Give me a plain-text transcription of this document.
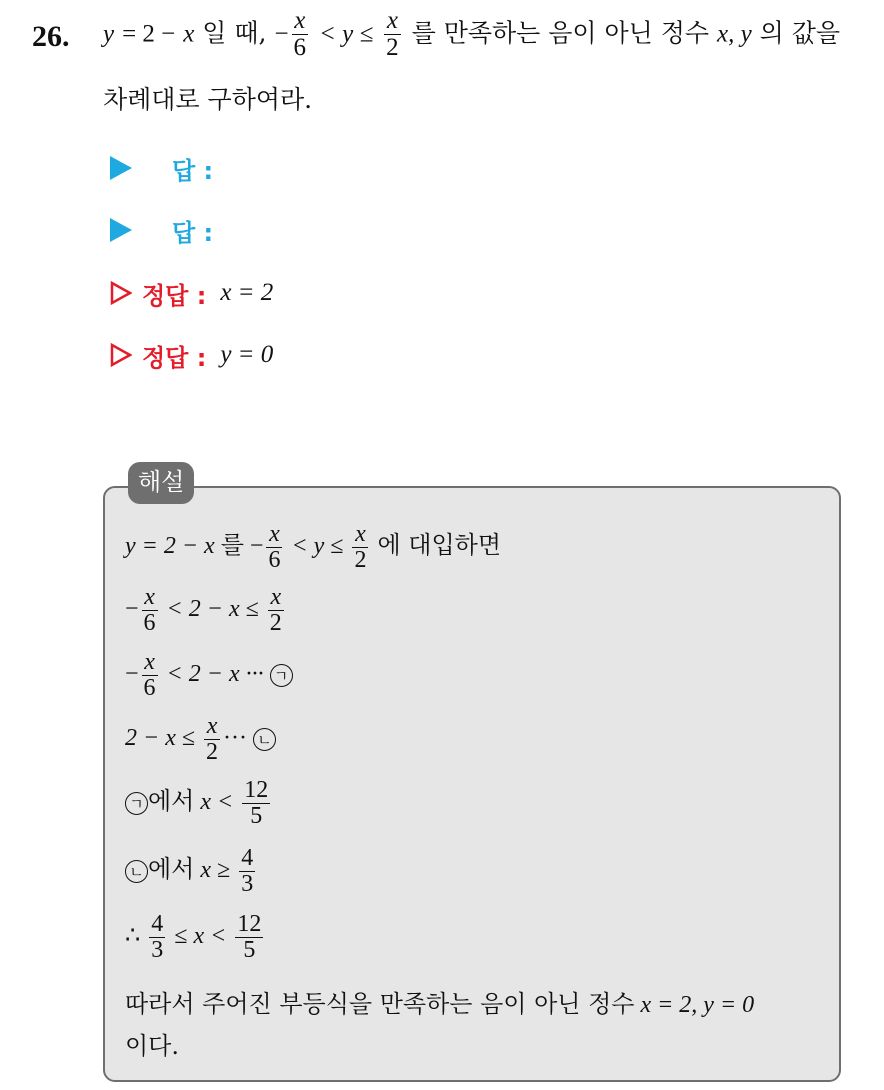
26. y = 2 − x 일 때, − $\frac{x}{6} < y \le \frac{x}{2}$ 를 만족하는 음이 아닌 정수 x, y 의 값을
차례대로 구하여라.
답 :
답 :
정답 : x = 2
정답 : y = 0
해설
y = 2 − x 를 − $\frac{x}{6} < y \le \frac{x}{2}$ 에 대입하면
− $\frac{x}{6} < 2 - x \le \frac{x}{2}$
− $\frac{x}{6} < 2 - x$ ··· ㄱ
$2 - x \le \frac{x}{2}$ ··· ㄴ
ㄱ 에서 $x < \frac{12}{5}$
ㄴ 에서 $x \ge \frac{4}{3}$
∴ $\frac{4}{3} \le x < \frac{12}{5}$
따라서 주어진 부등식을 만족하는 음이 아닌 정수 x = 2, y = 0
이다.
